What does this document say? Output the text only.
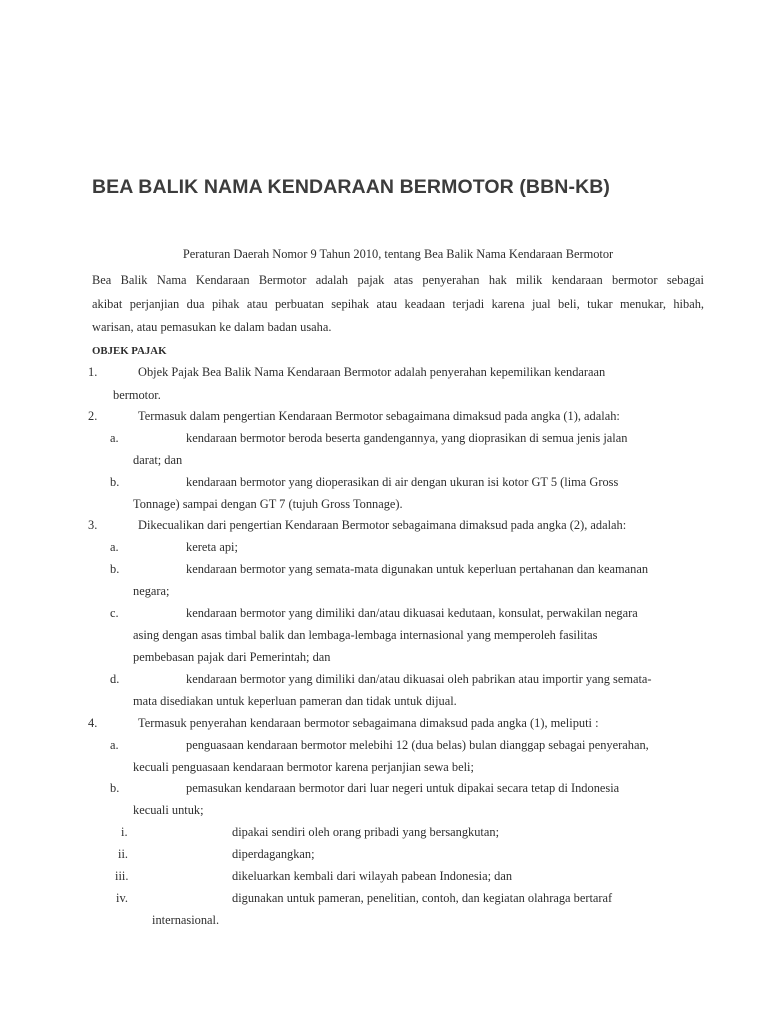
BEA BALIK NAMA KENDARAAN BERMOTOR (BBN-KB)
Peraturan Daerah Nomor 9 Tahun 2010, tentang Bea Balik Nama Kendaraan Bermotor
Bea Balik Nama Kendaraan Bermotor adalah pajak atas penyerahan hak milik kendaraan bermotor sebagai
akibat perjanjian dua pihak atau perbuatan sepihak atau keadaan terjadi karena jual beli, tukar menukar, hibah,
warisan, atau pemasukan ke dalam badan usaha.
OBJEK PAJAK
1.	Objek Pajak Bea Balik Nama Kendaraan Bermotor adalah penyerahan kepemilikan kendaraan
bermotor.
2.	Termasuk dalam pengertian Kendaraan Bermotor sebagaimana dimaksud pada angka (1), adalah:
a.	kendaraan bermotor beroda beserta gandengannya, yang dioprasikan di semua jenis jalan
darat; dan
b.	kendaraan bermotor yang dioperasikan di air dengan ukuran isi kotor GT 5 (lima Gross
Tonnage) sampai dengan GT 7 (tujuh Gross Tonnage).
3.	Dikecualikan dari pengertian Kendaraan Bermotor sebagaimana dimaksud pada angka (2), adalah:
a.	kereta api;
b.	kendaraan bermotor yang semata-mata digunakan untuk keperluan pertahanan dan keamanan
negara;
c.	kendaraan bermotor yang dimiliki dan/atau dikuasai kedutaan, konsulat, perwakilan negara
asing dengan asas timbal balik dan lembaga-lembaga internasional yang memperoleh fasilitas
pembebasan pajak dari Pemerintah; dan
d.	kendaraan bermotor yang dimiliki dan/atau dikuasai oleh pabrikan atau importir yang semata-
mata disediakan untuk keperluan pameran dan tidak untuk dijual.
4.	Termasuk penyerahan kendaraan bermotor sebagaimana dimaksud pada angka (1), meliputi :
a.	penguasaan kendaraan bermotor melebihi 12 (dua belas) bulan dianggap sebagai penyerahan,
kecuali penguasaan kendaraan bermotor karena perjanjian sewa beli;
b.	pemasukan kendaraan bermotor dari luar negeri untuk dipakai secara tetap di Indonesia
kecuali untuk;
i.	dipakai sendiri oleh orang pribadi yang bersangkutan;
ii.	diperdagangkan;
iii.	dikeluarkan kembali dari wilayah pabean Indonesia; dan
iv.	digunakan untuk pameran, penelitian, contoh, dan kegiatan olahraga bertaraf
internasional.
